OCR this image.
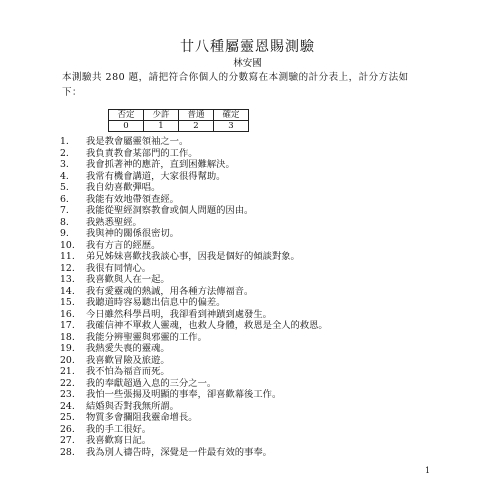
廿八種屬靈恩賜測驗
林安國
本測驗共 280 題，請把符合你個人的分數寫在本測驗的計分表上，計分方法如下：
否定	少許	普通	確定
0	1	2	3
1. 我是教會屬靈領袖之一。
2. 我負責教會某部門的工作。
3. 我會抓著神的應許，直到困難解決。
4. 我常有機會講道，大家很得幫助。
5. 我自幼喜歡彈唱。
6. 我能有效地帶領查經。
7. 我能從聖經洞察教會或個人問題的因由。
8. 我熟悉聖經。
9. 我與神的關係很密切。
10. 我有方言的經歷。
11. 弟兄姊妹喜歡找我談心事，因我是個好的傾談對象。
12. 我很有同情心。
13. 我喜歡與人在一起。
14. 我有愛靈魂的熱誠，用各種方法傳福音。
15. 我聽道時容易聽出信息中的偏差。
16. 今日雖然科學昌明，我卻看到神蹟到處發生。
17. 我確信神不單救人靈魂，也救人身體，救恩是全人的救恩。
18. 我能分辨聖靈與邪靈的工作。
19. 我熱愛失喪的靈魂。
20. 我喜歡冒險及旅遊。
21. 我不怕為福音而死。
22. 我的奉獻超過入息的三分之一。
23. 我怕一些張揚及明顯的事奉，卻喜歡幕後工作。
24. 結婚與否對我無所謂。
25. 物質多會攔阻我靈命增長。
26. 我的手工很好。
27. 我喜歡寫日記。
28. 我為別人禱告時，深覺是一件最有效的事奉。
1
